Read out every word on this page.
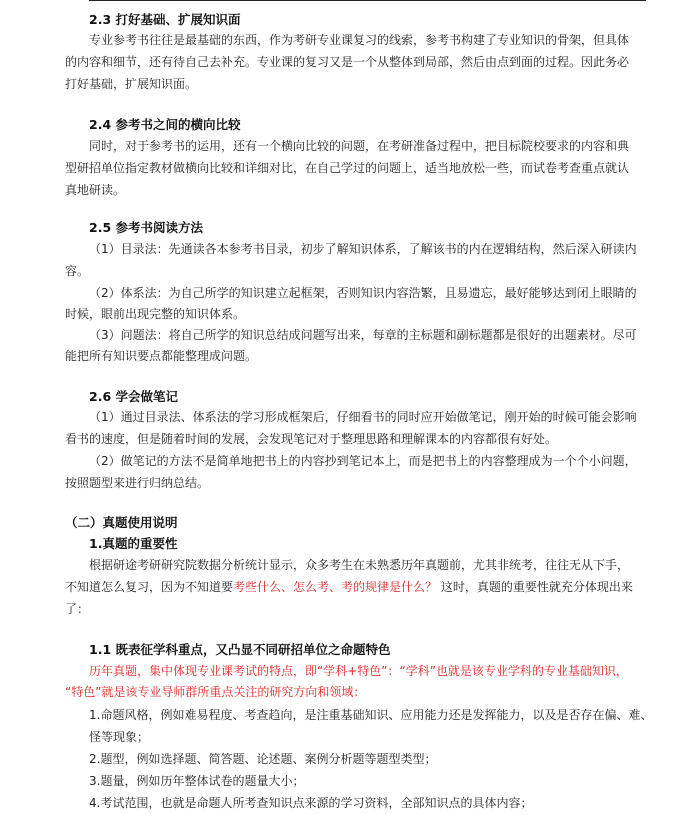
2.3 打好基础、扩展知识面
专业参考书往往是最基础的东西，作为考研专业课复习的线索，参考书构建了专业知识的骨架，但具体
的内容和细节，还有待自己去补充。专业课的复习又是一个从整体到局部，然后由点到面的过程。因此务必
打好基础，扩展知识面。
2.4 参考书之间的横向比较
同时，对于参考书的运用，还有一个横向比较的问题，在考研准备过程中，把目标院校要求的内容和典
型研招单位指定教材做横向比较和详细对比，在自己学过的问题上，适当地放松一些，而试卷考查重点就认
真地研读。
2.5 参考书阅读方法
（1）目录法：先通读各本参考书目录，初步了解知识体系，了解该书的内在逻辑结构，然后深入研读内
容。
（2）体系法：为自己所学的知识建立起框架，否则知识内容浩繁，且易遗忘，最好能够达到闭上眼睛的
时候，眼前出现完整的知识体系。
（3）问题法：将自己所学的知识总结成问题写出来，每章的主标题和副标题都是很好的出题素材。尽可
能把所有知识要点都能整理成问题。
2.6 学会做笔记
（1）通过目录法、体系法的学习形成框架后，仔细看书的同时应开始做笔记，刚开始的时候可能会影响
看书的速度，但是随着时间的发展，会发现笔记对于整理思路和理解课本的内容都很有好处。
（2）做笔记的方法不是简单地把书上的内容抄到笔记本上，而是把书上的内容整理成为一个个小问题，
按照题型来进行归纳总结。
（二）真题使用说明
1.真题的重要性
根据研途考研研究院数据分析统计显示，众多考生在未熟悉历年真题前，尤其非统考，往往无从下手，
不知道怎么复习，因为不知道要考些什么、怎么考、考的规律是什么？ 这时，真题的重要性就充分体现出来
了：
1.1 既表征学科重点，又凸显不同研招单位之命题特色
历年真题，集中体现专业课考试的特点，即“学科+特色”：“学科”也就是该专业学科的专业基础知识，
“特色”就是该专业导师群所重点关注的研究方向和领域：
1.命题风格，例如难易程度、考查趋向，是注重基础知识、应用能力还是发挥能力，以及是否存在偏、难、
怪等现象；
2.题型，例如选择题、简答题、论述题、案例分析题等题型类型；
3.题量，例如历年整体试卷的题量大小；
4.考试范围，也就是命题人所考查知识点来源的学习资料，全部知识点的具体内容；
